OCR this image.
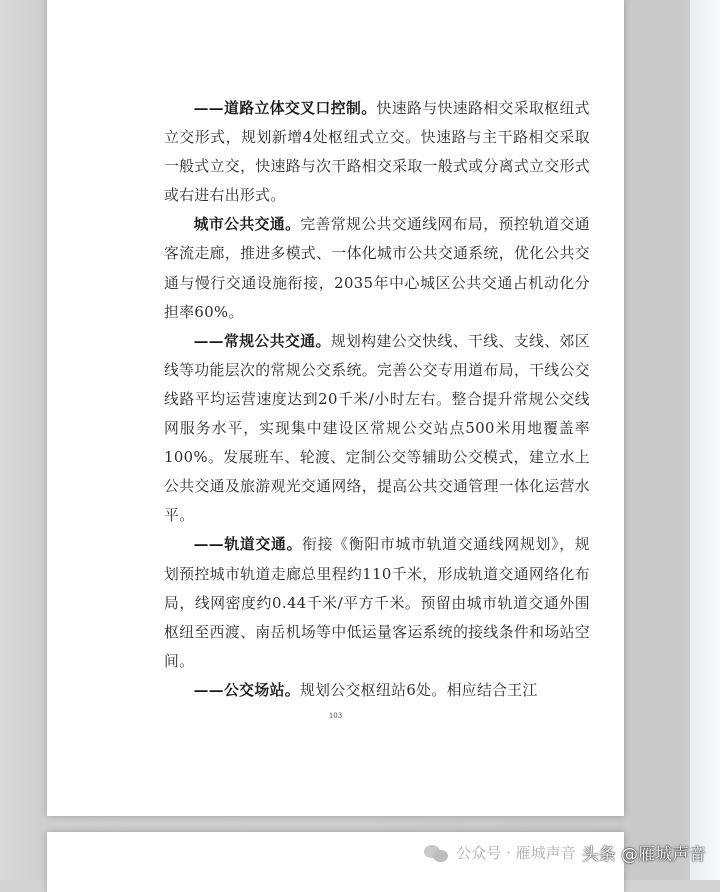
——道路立体交叉口控制。快速路与快速路相交采取枢纽式立交形式，规划新增4处枢纽式立交。快速路与主干路相交采取一般式立交，快速路与次干路相交采取一般式或分离式立交形式或右进右出形式。

城市公共交通。完善常规公共交通线网布局，预控轨道交通客流走廊，推进多模式、一体化城市公共交通系统，优化公共交通与慢行交通设施衔接，2035年中心城区公共交通占机动化分担率60%。

——常规公共交通。规划构建公交快线、干线、支线、郊区线等功能层次的常规公交系统。完善公交专用道布局，干线公交线路平均运营速度达到20千米/小时左右。整合提升常规公交线网服务水平，实现集中建设区常规公交站点500米用地覆盖率100%。发展班车、轮渡、定制公交等辅助公交模式，建立水上公共交通及旅游观光交通网络，提高公共交通管理一体化运营水平。

——轨道交通。衔接《衡阳市城市轨道交通线网规划》，规划预控城市轨道走廊总里程约110千米，形成轨道交通网络化布局，线网密度约0.44千米/平方千米。预留由城市轨道交通外围枢纽至西渡、南岳机场等中低运量客运系统的接线条件和场站空间。

——公交场站。规划公交枢纽站6处。相应结合王江

103
公众号 · 雁城声音 头条 @雁城声音
